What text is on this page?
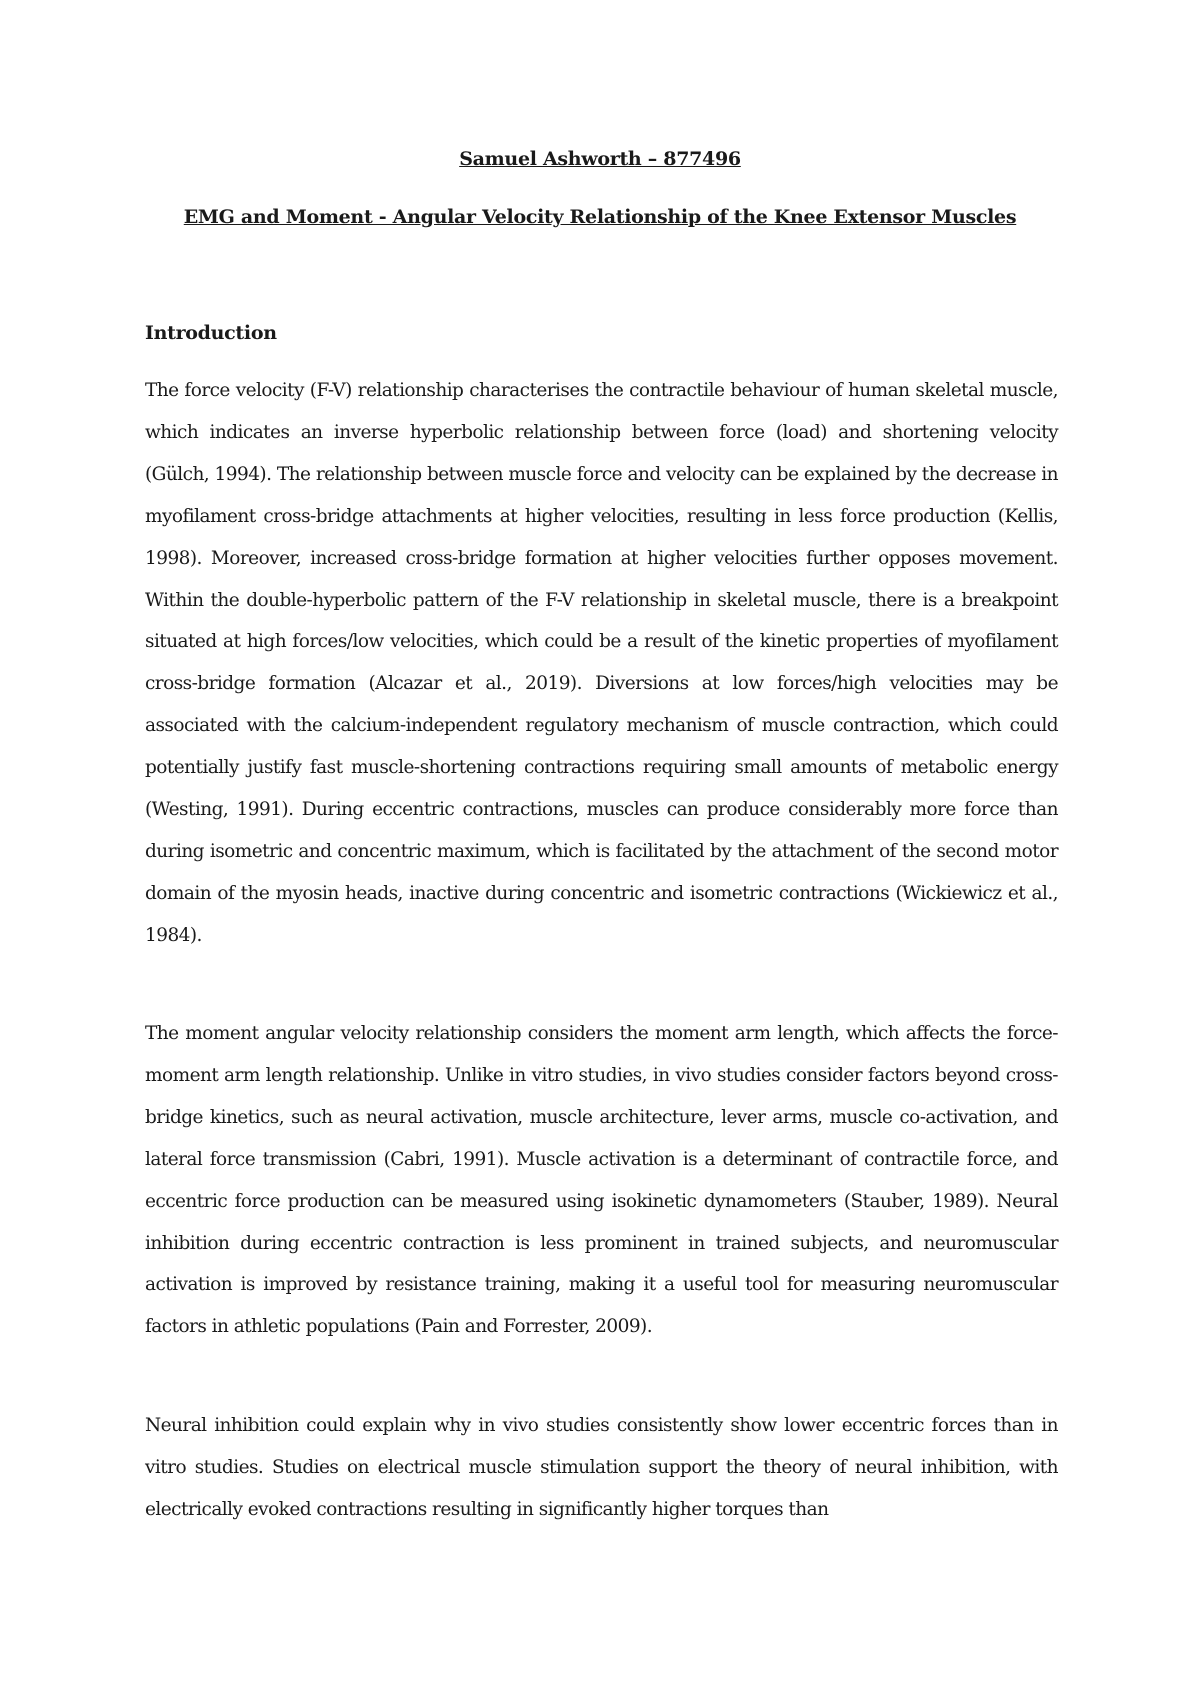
Samuel Ashworth – 877496
EMG and Moment - Angular Velocity Relationship of the Knee Extensor Muscles
Introduction

The force velocity (F-V) relationship characterises the contractile behaviour of human skeletal muscle, which indicates an inverse hyperbolic relationship between force (load) and shortening velocity (Gülch, 1994). The relationship between muscle force and velocity can be explained by the decrease in myofilament cross-bridge attachments at higher velocities, resulting in less force production (Kellis, 1998). Moreover, increased cross-bridge formation at higher velocities further opposes movement. Within the double-hyperbolic pattern of the F-V relationship in skeletal muscle, there is a breakpoint situated at high forces/low velocities, which could be a result of the kinetic properties of myofilament cross-bridge formation (Alcazar et al., 2019). Diversions at low forces/high velocities may be associated with the calcium-independent regulatory mechanism of muscle contraction, which could potentially justify fast muscle-shortening contractions requiring small amounts of metabolic energy (Westing, 1991). During eccentric contractions, muscles can produce considerably more force than during isometric and concentric maximum, which is facilitated by the attachment of the second motor domain of the myosin heads, inactive during concentric and isometric contractions (Wickiewicz et al., 1984).

The moment angular velocity relationship considers the moment arm length, which affects the force-moment arm length relationship. Unlike in vitro studies, in vivo studies consider factors beyond cross-bridge kinetics, such as neural activation, muscle architecture, lever arms, muscle co-activation, and lateral force transmission (Cabri, 1991). Muscle activation is a determinant of contractile force, and eccentric force production can be measured using isokinetic dynamometers (Stauber, 1989). Neural inhibition during eccentric contraction is less prominent in trained subjects, and neuromuscular activation is improved by resistance training, making it a useful tool for measuring neuromuscular factors in athletic populations (Pain and Forrester, 2009).

Neural inhibition could explain why in vivo studies consistently show lower eccentric forces than in vitro studies. Studies on electrical muscle stimulation support the theory of neural inhibition, with electrically evoked contractions resulting in significantly higher torques than
